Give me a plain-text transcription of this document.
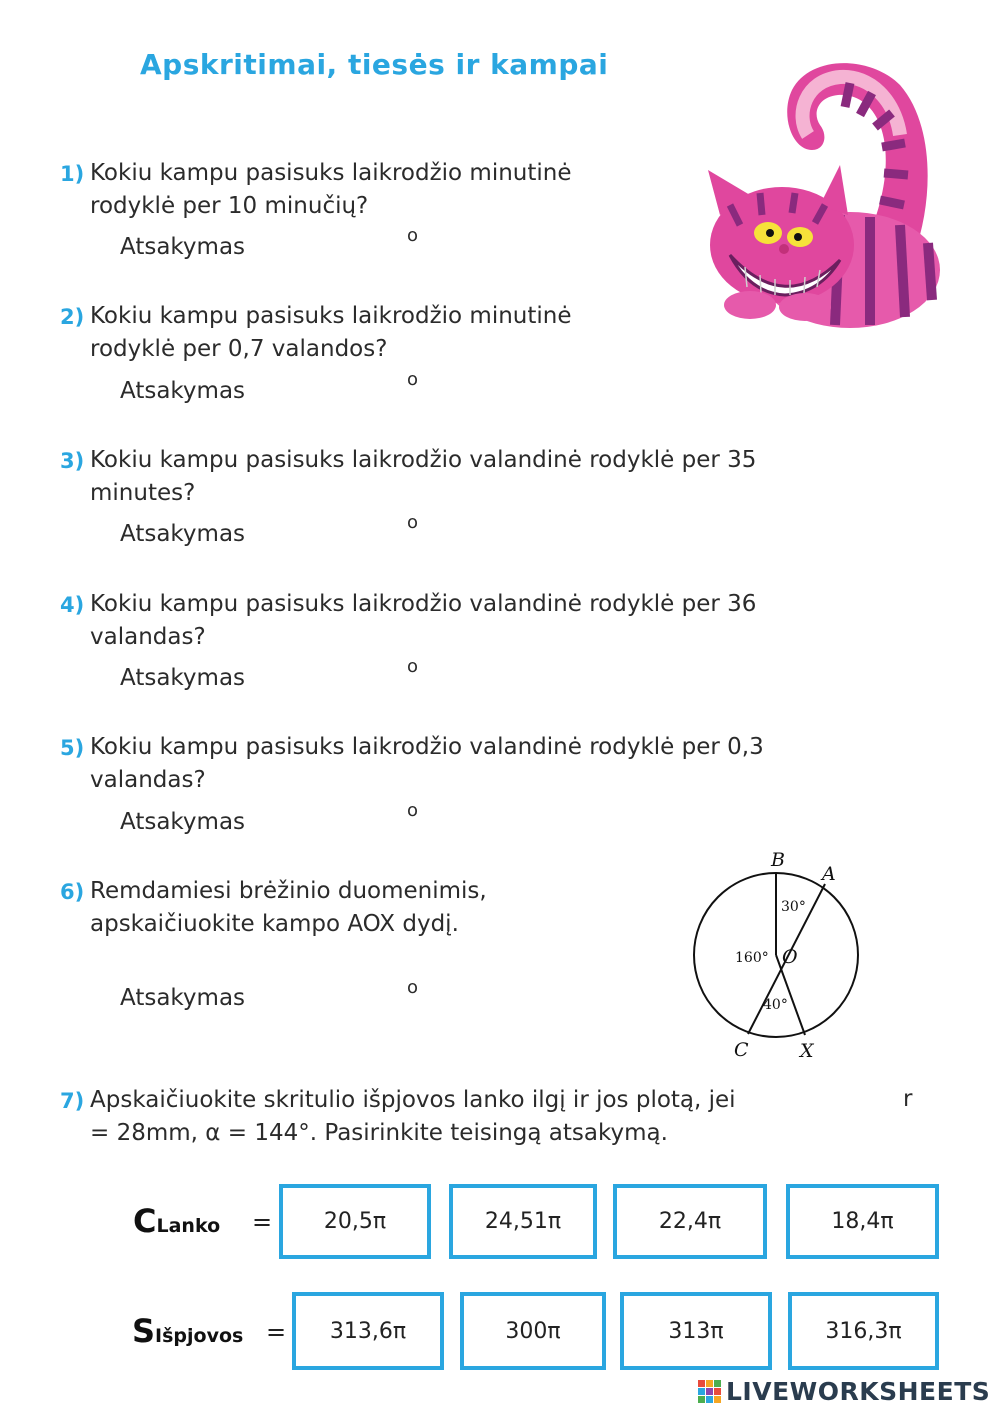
Apskritimai, tiesės ir kampai
1) Kokiu kampu pasisuks laikrodžio minutinė
rodyklė per 10 minučių?
Atsakymas	o
2) Kokiu kampu pasisuks laikrodžio minutinė
rodyklė per 0,7 valandos?
Atsakymas	o
3) Kokiu kampu pasisuks laikrodžio valandinė rodyklė per 35
minutes?
Atsakymas	o
4) Kokiu kampu pasisuks laikrodžio valandinė rodyklė per 36
valandas?
Atsakymas	o
5) Kokiu kampu pasisuks laikrodžio valandinė rodyklė per 0,3
valandas?
Atsakymas	o
6) Remdamiesi brėžinio duomenimis,
apskaičiuokite kampo AOX dydį.
Atsakymas	o
B
A
O
C	X
30°
160°
40°
7) Apskaičiuokite skritulio išpjovos lanko ilgį ir jos plotą, jei
= 28mm, α = 144°. Pasirinkite teisingą atsakymą.
r
CLanko = 20,5π	24,51π	22,4π	18,4π
SIšpjovos = 313,6π	300π	313π	316,3π
LIVEWORKSHEETS
